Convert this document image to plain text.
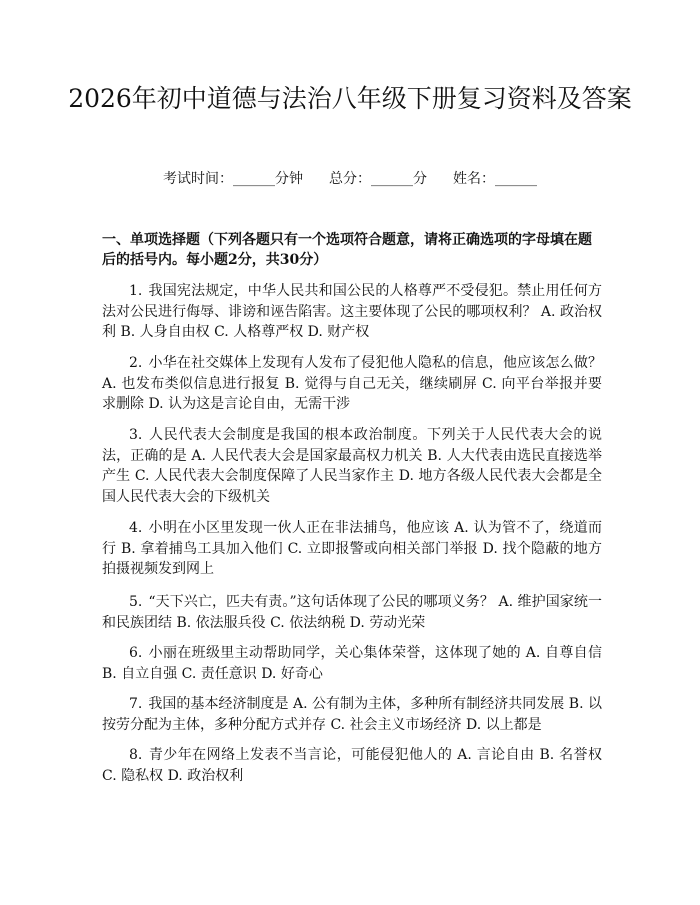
2026年初中道德与法治八年级下册复习资料及答案
考试时间：______分钟 总分：______分 姓名：______
一、单项选择题（下列各题只有一个选项符合题意，请将正确选项的字母填在题后的括号内。每小题2分，共30分）
1. 我国宪法规定，中华人民共和国公民的人格尊严不受侵犯。禁止用任何方法对公民进行侮辱、诽谤和诬告陷害。这主要体现了公民的哪项权利？ A. 政治权利 B. 人身自由权 C. 人格尊严权 D. 财产权
2. 小华在社交媒体上发现有人发布了侵犯他人隐私的信息，他应该怎么做？ A. 也发布类似信息进行报复 B. 觉得与自己无关，继续刷屏 C. 向平台举报并要求删除 D. 认为这是言论自由，无需干涉
3. 人民代表大会制度是我国的根本政治制度。下列关于人民代表大会的说法，正确的是 A. 人民代表大会是国家最高权力机关 B. 人大代表由选民直接选举产生 C. 人民代表大会制度保障了人民当家作主 D. 地方各级人民代表大会都是全国人民代表大会的下级机关
4. 小明在小区里发现一伙人正在非法捕鸟，他应该 A. 认为管不了，绕道而行 B. 拿着捕鸟工具加入他们 C. 立即报警或向相关部门举报 D. 找个隐蔽的地方拍摄视频发到网上
5. “天下兴亡，匹夫有责。”这句话体现了公民的哪项义务？ A. 维护国家统一和民族团结 B. 依法服兵役 C. 依法纳税 D. 劳动光荣
6. 小丽在班级里主动帮助同学，关心集体荣誉，这体现了她的 A. 自尊自信 B. 自立自强 C. 责任意识 D. 好奇心
7. 我国的基本经济制度是 A. 公有制为主体，多种所有制经济共同发展 B. 以按劳分配为主体，多种分配方式并存 C. 社会主义市场经济 D. 以上都是
8. 青少年在网络上发表不当言论，可能侵犯他人的 A. 言论自由 B. 名誉权 C. 隐私权 D. 政治权利
